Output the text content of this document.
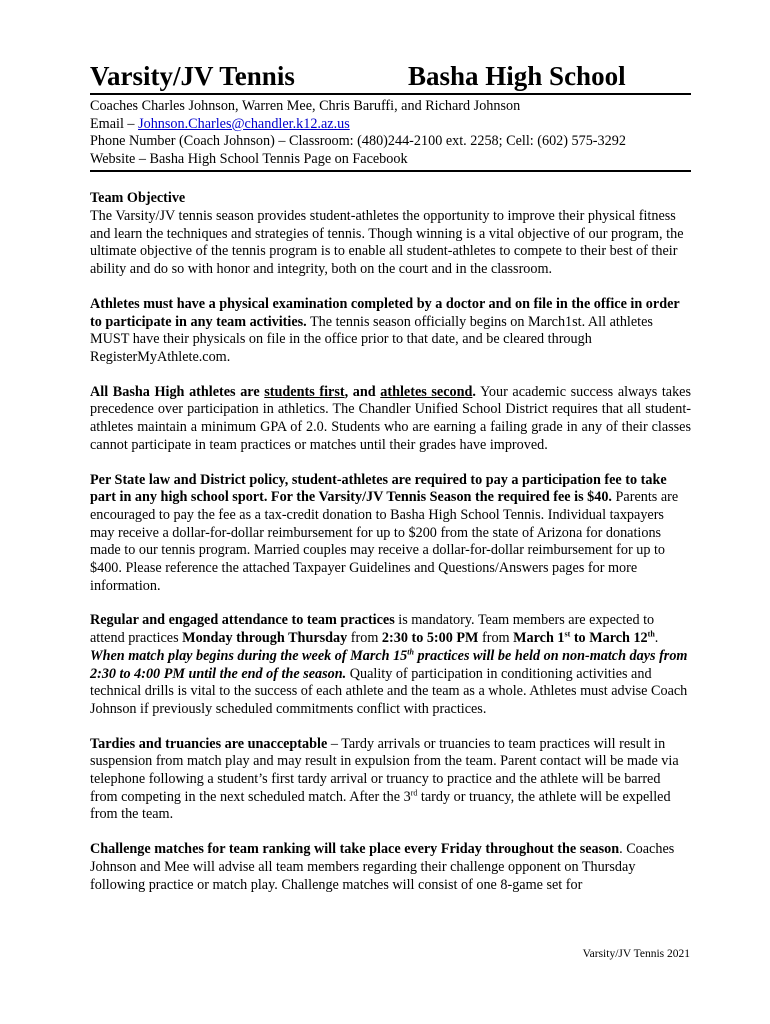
Varsity/JV Tennis	Basha High School
Coaches Charles Johnson, Warren Mee, Chris Baruffi, and Richard Johnson
Email – Johnson.Charles@chandler.k12.az.us
Phone Number (Coach Johnson) – Classroom: (480)244-2100 ext. 2258; Cell: (602) 575-3292
Website – Basha High School Tennis Page on Facebook

Team Objective

The Varsity/JV tennis season provides student-athletes the opportunity to improve their physical fitness and learn the techniques and strategies of tennis. Though winning is a vital objective of our program, the ultimate objective of the tennis program is to enable all student-athletes to compete to their best of their ability and do so with honor and integrity, both on the court and in the classroom.

Athletes must have a physical examination completed by a doctor and on file in the office in order to participate in any team activities. The tennis season officially begins on March1st. All athletes MUST have their physicals on file in the office prior to that date, and be cleared through RegisterMyAthlete.com.

All Basha High athletes are students first, and athletes second. Your academic success always takes precedence over participation in athletics. The Chandler Unified School District requires that all student-athletes maintain a minimum GPA of 2.0. Students who are earning a failing grade in any of their classes cannot participate in team practices or matches until their grades have improved.

Per State law and District policy, student-athletes are required to pay a participation fee to take part in any high school sport. For the Varsity/JV Tennis Season the required fee is $40. Parents are encouraged to pay the fee as a tax-credit donation to Basha High School Tennis. Individual taxpayers may receive a dollar-for-dollar reimbursement for up to $200 from the state of Arizona for donations made to our tennis program. Married couples may receive a dollar-for-dollar reimbursement for up to $400. Please reference the attached Taxpayer Guidelines and Questions/Answers pages for more information.

Regular and engaged attendance to team practices is mandatory. Team members are expected to attend practices Monday through Thursday from 2:30 to 5:00 PM from March 1st to March 12th. When match play begins during the week of March 15th practices will be held on non-match days from 2:30 to 4:00 PM until the end of the season. Quality of participation in conditioning activities and technical drills is vital to the success of each athlete and the team as a whole. Athletes must advise Coach Johnson if previously scheduled commitments conflict with practices.

Tardies and truancies are unacceptable – Tardy arrivals or truancies to team practices will result in suspension from match play and may result in expulsion from the team. Parent contact will be made via telephone following a student’s first tardy arrival or truancy to practice and the athlete will be barred from competing in the next scheduled match. After the 3rd tardy or truancy, the athlete will be expelled from the team.

Challenge matches for team ranking will take place every Friday throughout the season. Coaches Johnson and Mee will advise all team members regarding their challenge opponent on Thursday following practice or match play. Challenge matches will consist of one 8-game set for

Varsity/JV Tennis 2021
